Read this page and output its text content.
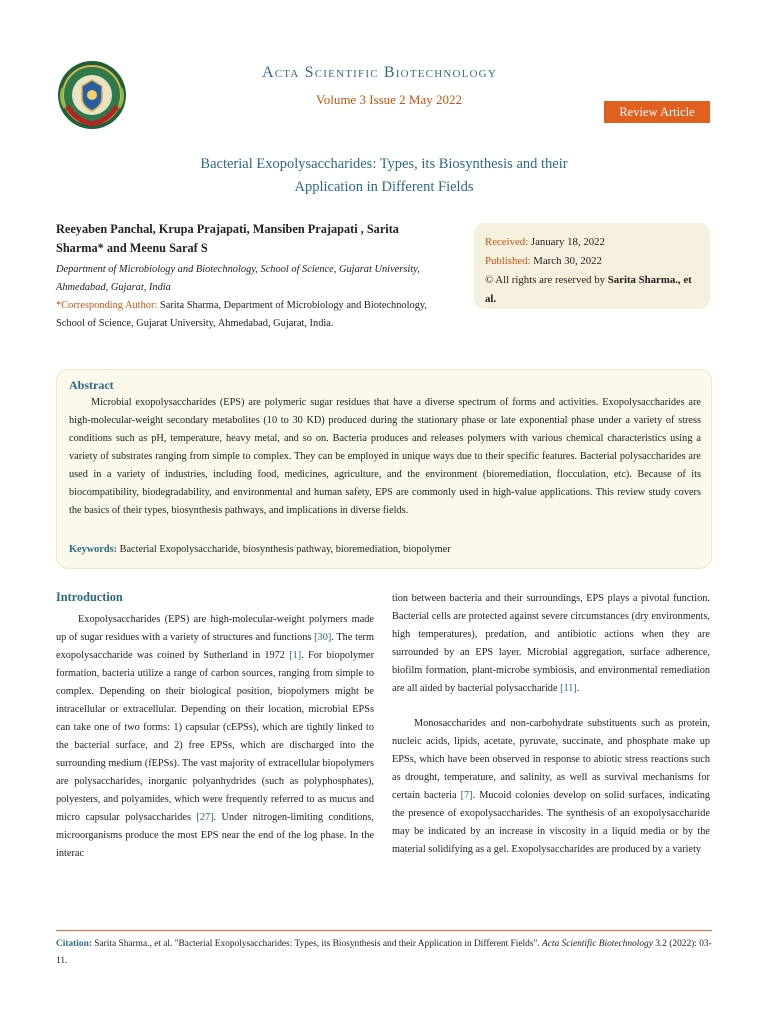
Acta Scientific Biotechnology
Volume 3 Issue 2 May 2022
Review Article
Bacterial Exopolysaccharides: Types, its Biosynthesis and their
Application in Different Fields
Reeyaben Panchal, Krupa Prajapati, Mansiben Prajapati , Sarita Sharma* and Meenu Saraf S
Department of Microbiology and Biotechnology, School of Science, Gujarat University, Ahmedabad, Gujarat, India
*Corresponding Author: Sarita Sharma, Department of Microbiology and Biotechnology, School of Science, Gujarat University, Ahmedabad, Gujarat, India.
Received: January 18, 2022
Published: March 30, 2022
© All rights are reserved by Sarita Sharma., et al.
Abstract
Microbial exopolysaccharides (EPS) are polymeric sugar residues that have a diverse spectrum of forms and activities. Exopolysaccharides are high-molecular-weight secondary metabolites (10 to 30 KD) produced during the stationary phase or late exponential phase under a variety of stress conditions such as pH, temperature, heavy metal, and so on. Bacteria produces and releases polymers with various chemical characteristics using a variety of substrates ranging from simple to complex. They can be employed in unique ways due to their specific features. Bacterial polysaccharides are used in a variety of industries, including food, medicines, agriculture, and the environment (bioremediation, flocculation, etc). Because of its biocompatibility, biodegradability, and environmental and human safety, EPS are commonly used in high-value applications. This review study covers the basics of their types, biosynthesis pathways, and implications in diverse fields.
Keywords: Bacterial Exopolysaccharide, biosynthesis pathway, bioremediation, biopolymer
Introduction

Exopolysaccharides (EPS) are high-molecular-weight polymers made up of sugar residues with a variety of structures and functions [30]. The term exopolysaccharide was coined by Sutherland in 1972 [1]. For biopolymer formation, bacteria utilize a range of carbon sources, ranging from simple to complex. Depending on their biological position, biopolymers might be intracellular or extracellular. Depending on their location, microbial EPSs can take one of two forms: 1) capsular (cEPSs), which are tightly linked to the bacterial surface, and 2) free EPSs, which are discharged into the surrounding medium (fEPSs). The vast majority of extracellular biopolymers are polysaccharides, inorganic polyanhydrides (such as polyphosphates), polyesters, and polyamides, which were frequently referred to as mucus and micro capsular polysaccharides [27]. Under nitrogen-limiting conditions, microorganisms produce the most EPS near the end of the log phase. In the interac

tion between bacteria and their surroundings, EPS plays a pivotal function. Bacterial cells are protected against severe circumstances (dry environments, high temperatures), predation, and antibiotic actions when they are surrounded by an EPS layer. Microbial aggregation, surface adherence, biofilm formation, plant-microbe symbiosis, and environmental remediation are all aided by bacterial polysaccharide [11].

Monosaccharides and non-carbohydrate substituents such as protein, nucleic acids, lipids, acetate, pyruvate, succinate, and phosphate make up EPSs, which have been observed in response to abiotic stress reactions such as drought, temperature, and salinity, as well as survival mechanisms for certain bacteria [7]. Mucoid colonies develop on solid surfaces, indicating the presence of exopolysaccharides. The synthesis of an exopolysaccharide may be indicated by an increase in viscosity in a liquid media or by the material solidifying as a gel. Exopolysaccharides are produced by a variety

Citation: Sarita Sharma., et al. "Bacterial Exopolysaccharides: Types, its Biosynthesis and their Application in Different Fields". Acta Scientific Biotechnology 3.2 (2022): 03-11.
